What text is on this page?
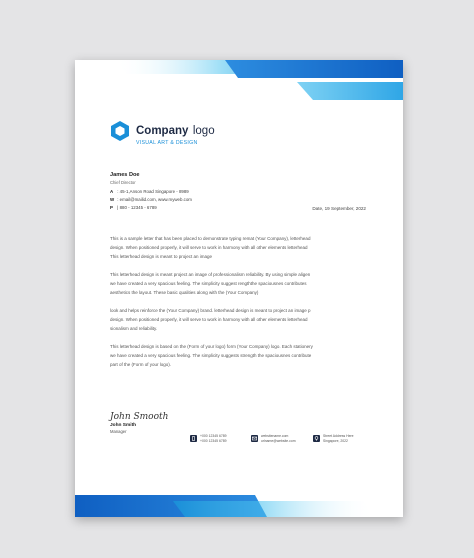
Company logo
VISUAL ART & DESIGN
James Doe
Chief Director
A : 45-1,Anson Road Singapore - 8989
W : email@mailid.com, www.myweb.com
P | 880 - 12345 - 6789	Date, 19 September, 2022

This is a sample letter that has been placed to demonstrate typing remat (Your Company), letterhead
design. When positioned properly, it will serve to work in harmony with all other elements letterhead
This letterhead design is meant to project an image

This letterhead design is meant project an image of professionalism reliability. By using simple aligen
we have created a very spacious feeling. The simplicity suggest rengththe spaciousnes contributes
aesthetics the layout. These basic qualities along with the (Your Company)

look and helps reinforce the (Your Company) brand. letterhead design is meant to project an image p
design. When positioned properly, it will serve to work in harmony with all other elements letterhead
sionalism and reliability.

This letterhead design is based on the (Form of your logo) form (Your Company) logo. Each stationery
we have created a very spacious feeling. The simplicity suggests strength the spaciousnes contribute
part of the (Form of your logo).

John Smooth
John Smith
Manager
+000 12345 6789
+000 12345 6789
websitename.com
urlname@website.com
Street Address Here
Singapore, 2022
